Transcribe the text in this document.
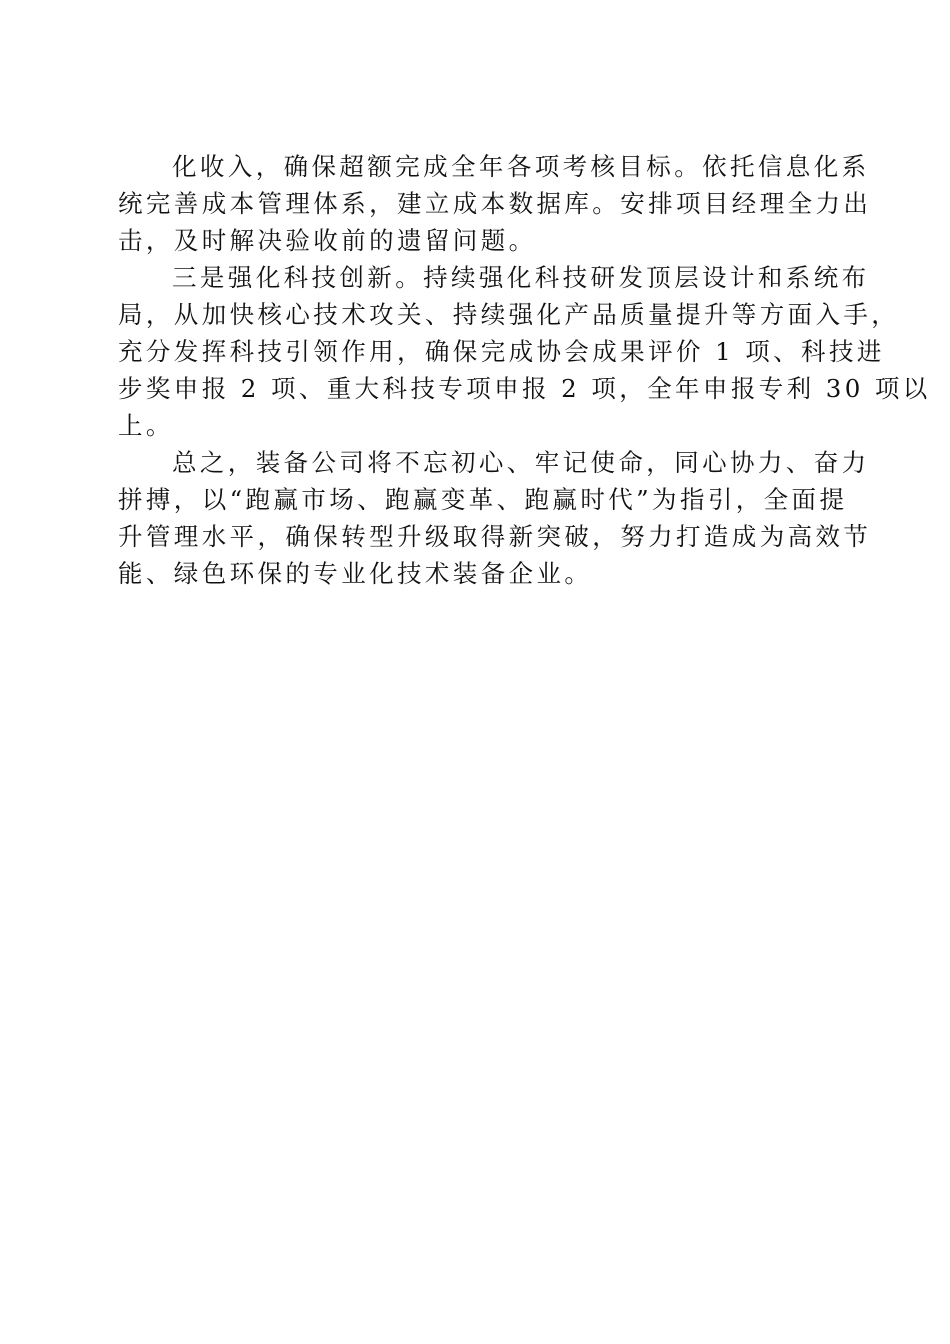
化收入，确保超额完成全年各项考核目标。依托信息化系
统完善成本管理体系，建立成本数据库。安排项目经理全力出
击，及时解决验收前的遗留问题。
三是强化科技创新。持续强化科技研发顶层设计和系统布
局，从加快核心技术攻关、持续强化产品质量提升等方面入手，
充分发挥科技引领作用，确保完成协会成果评价 1 项、科技进
步奖申报 2 项、重大科技专项申报 2 项，全年申报专利 30 项以
上。
总之，装备公司将不忘初心、牢记使命，同心协力、奋力
拼搏，以“跑赢市场、跑赢变革、跑赢时代”为指引，全面提
升管理水平，确保转型升级取得新突破，努力打造成为高效节
能、绿色环保的专业化技术装备企业。
